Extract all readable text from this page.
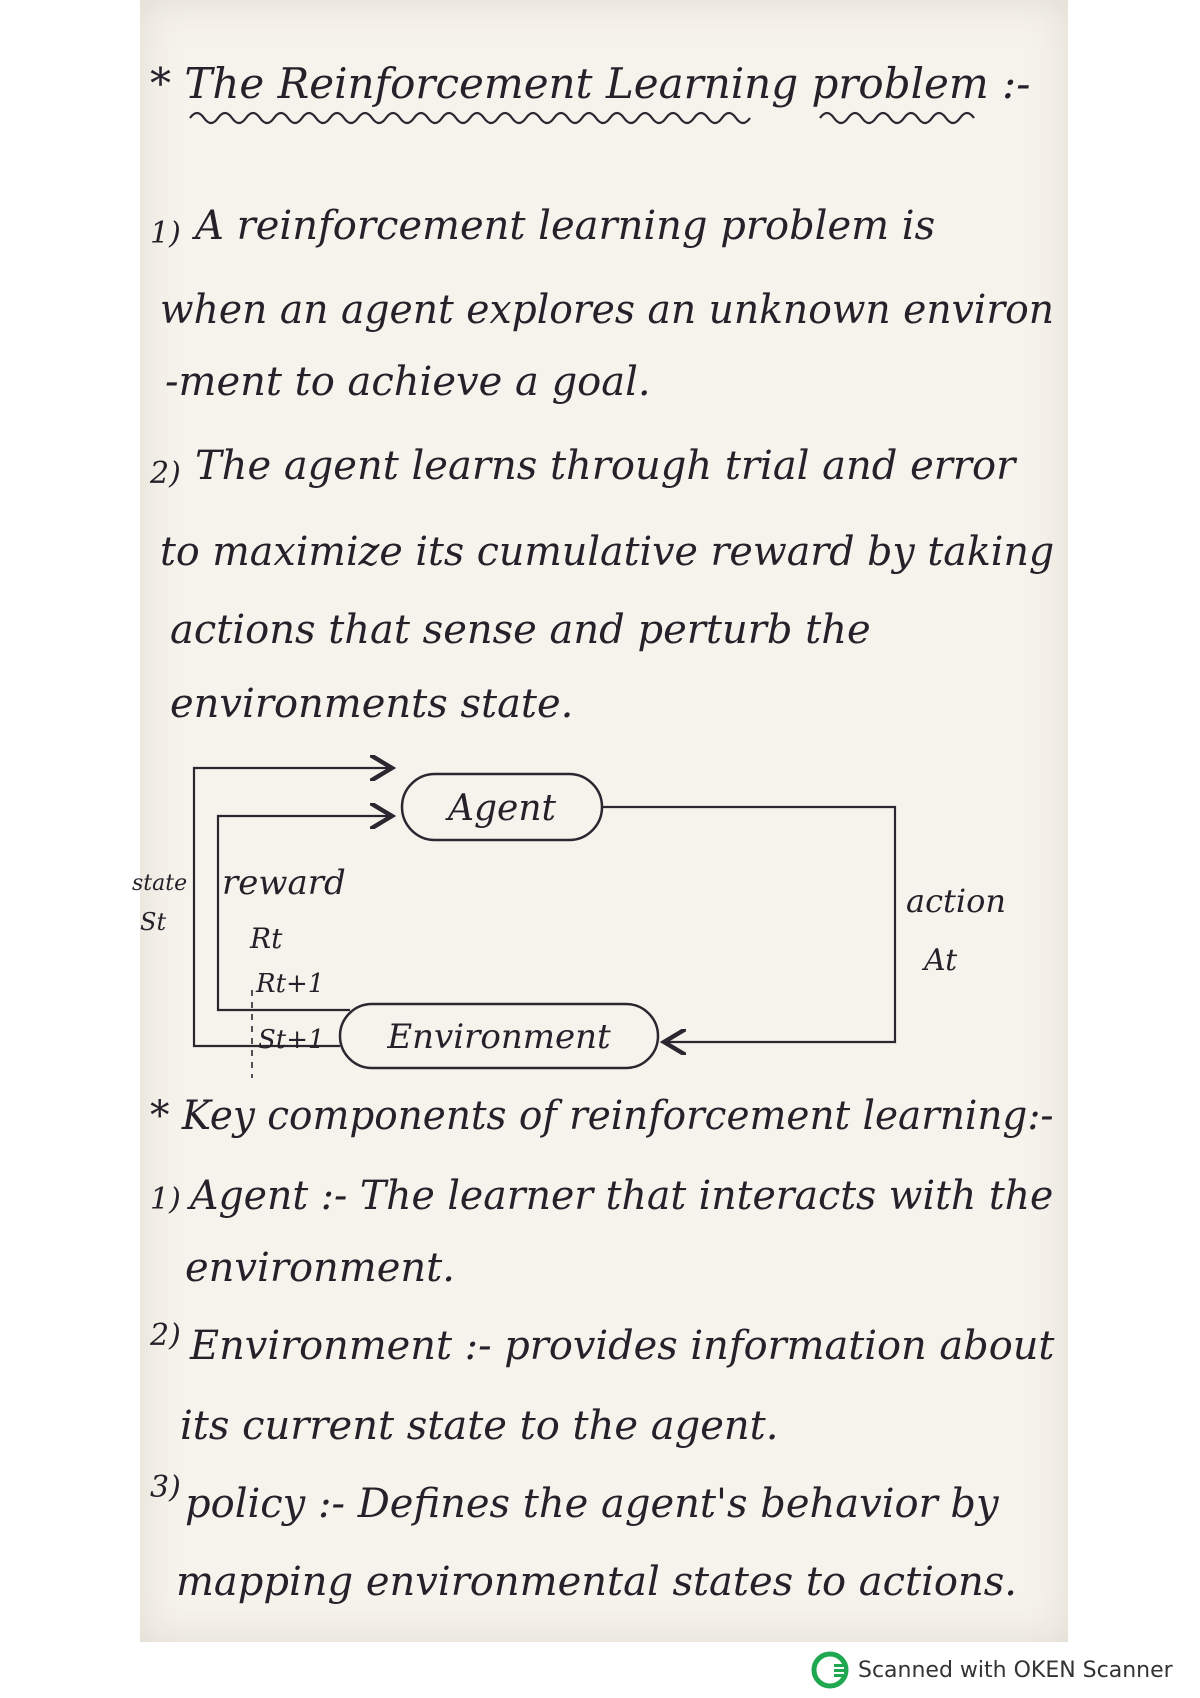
* The Reinforcement Learning problem :-
1) A reinforcement learning problem is
when an agent explores an unknown environ
-ment to achieve a goal.
2) The agent learns through trial and error
to maximize its cumulative reward by taking
actions that sense and perturb the
environments state.
Agent
Environment
state
St
reward
Rt
Rt+1
St+1
action
At
* Key components of reinforcement learning:-
1) Agent :- The learner that interacts with the
environment.
2) Environment :- provides information about
its current state to the agent.
3) policy :- Defines the agent's behavior by
mapping environmental states to actions.
Scanned with OKEN Scanner
